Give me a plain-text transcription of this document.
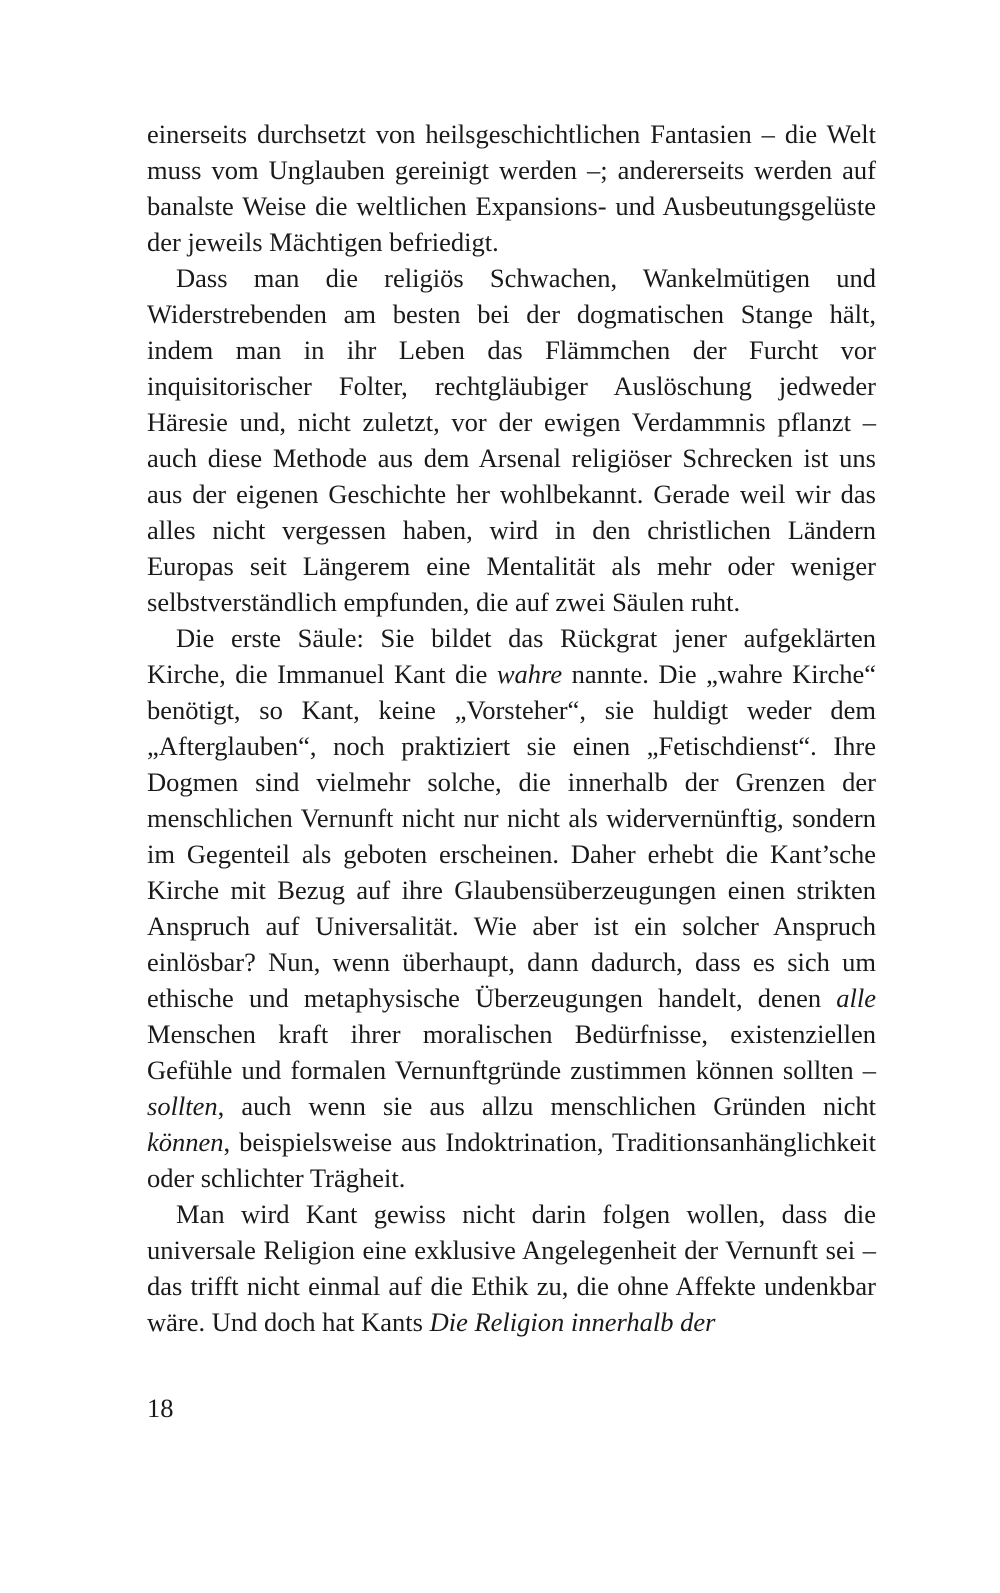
einerseits durchsetzt von heilsgeschichtlichen Fantasien – die Welt muss vom Unglauben gereinigt werden –; andererseits werden auf banalste Weise die weltlichen Expansions- und Ausbeutungsgelüste der jeweils Mächtigen befriedigt.

Dass man die religiös Schwachen, Wankelmütigen und Widerstrebenden am besten bei der dogmatischen Stange hält, indem man in ihr Leben das Flämmchen der Furcht vor inquisitorischer Folter, rechtgläubiger Auslöschung jedweder Häresie und, nicht zuletzt, vor der ewigen Verdammnis pflanzt – auch diese Methode aus dem Arsenal religiöser Schrecken ist uns aus der eigenen Geschichte her wohlbekannt. Gerade weil wir das alles nicht vergessen haben, wird in den christlichen Ländern Europas seit Längerem eine Mentalität als mehr oder weniger selbstverständlich empfunden, die auf zwei Säulen ruht.

Die erste Säule: Sie bildet das Rückgrat jener aufgeklärten Kirche, die Immanuel Kant die wahre nannte. Die „wahre Kirche“ benötigt, so Kant, keine „Vorsteher“, sie huldigt weder dem „Afterglauben“, noch praktiziert sie einen „Fetischdienst“. Ihre Dogmen sind vielmehr solche, die innerhalb der Grenzen der menschlichen Vernunft nicht nur nicht als widervernünftig, sondern im Gegenteil als geboten erscheinen. Daher erhebt die Kant’sche Kirche mit Bezug auf ihre Glaubensüberzeugungen einen strikten Anspruch auf Universalität. Wie aber ist ein solcher Anspruch einlösbar? Nun, wenn überhaupt, dann dadurch, dass es sich um ethische und metaphysische Überzeugungen handelt, denen alle Menschen kraft ihrer moralischen Bedürfnisse, existenziellen Gefühle und formalen Vernunftgründe zustimmen können sollten – sollten, auch wenn sie aus allzu menschlichen Gründen nicht können, beispielsweise aus Indoktrination, Traditionsanhänglichkeit oder schlichter Trägheit.

Man wird Kant gewiss nicht darin folgen wollen, dass die universale Religion eine exklusive Angelegenheit der Vernunft sei – das trifft nicht einmal auf die Ethik zu, die ohne Affekte undenkbar wäre. Und doch hat Kants Die Religion innerhalb der

18
